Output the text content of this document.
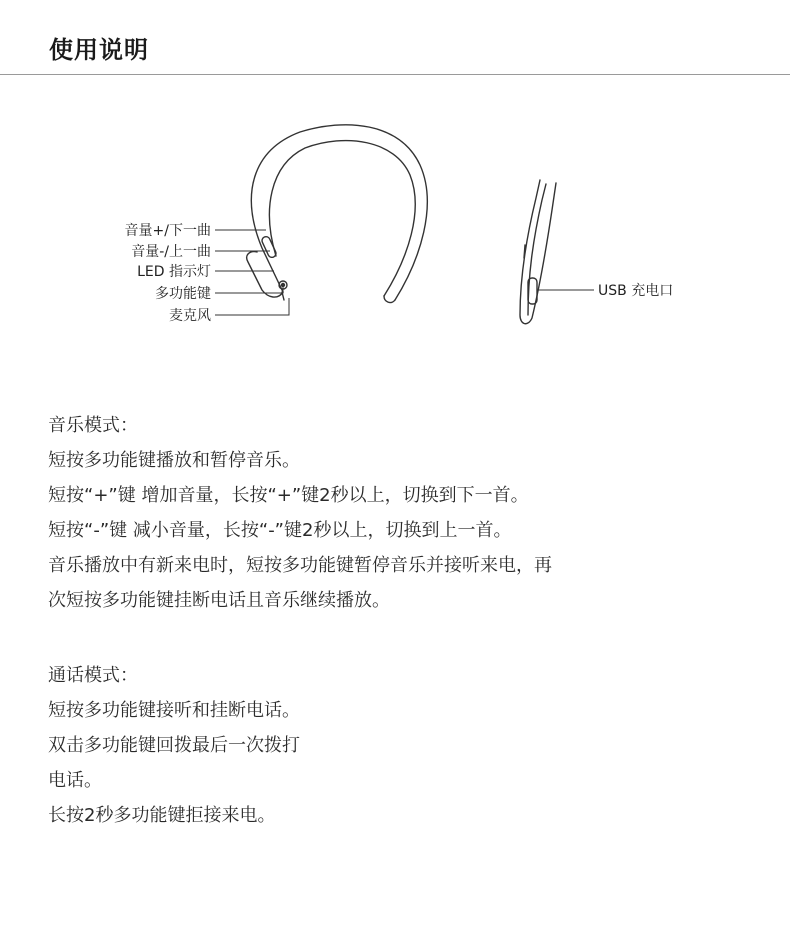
使用说明
音量+/下一曲
音量-/上一曲
LED 指示灯
多功能键
麦克风
USB 充电口
音乐模式：
短按多功能键播放和暂停音乐。
短按“+”键 增加音量，长按“+”键2秒以上，切换到下一首。
短按“-”键 减小音量，长按“-”键2秒以上，切换到上一首。
音乐播放中有新来电时，短按多功能键暂停音乐并接听来电，再
次短按多功能键挂断电话且音乐继续播放。
通话模式：
短按多功能键接听和挂断电话。
双击多功能键回拨最后一次拨打
电话。
长按2秒多功能键拒接来电。
